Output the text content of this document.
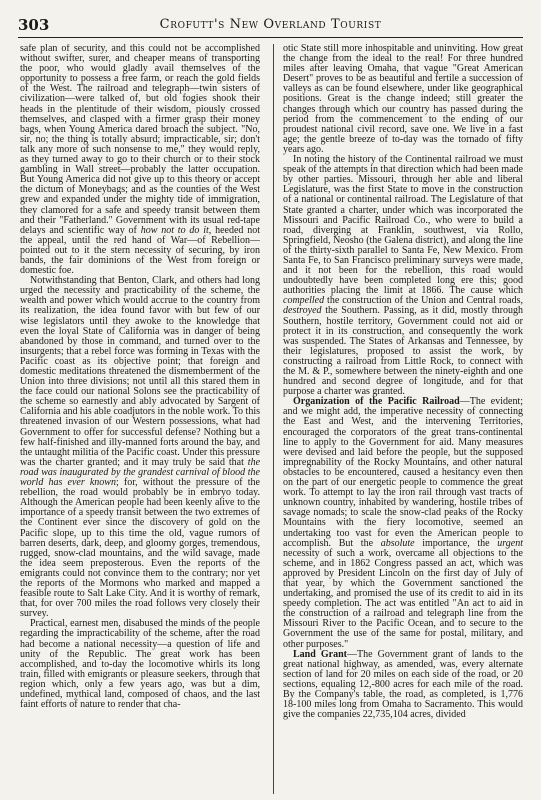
303	Crofutt's New Overland Tourist

safe plan of security, and this could not be accomplished without swifter, surer, and cheaper means of transporting the poor, who would gladly avail themselves of the opportunity to possess a free farm, or reach the gold fields of the West. The railroad and telegraph—twin sisters of civilization—were talked of, but old fogies shook their heads in the plentitude of their wisdom, piously crossed themselves, and clasped with a firmer grasp their money bags, when Young America dared broach the subject. "No, sir, no; the thing is totally absurd; impracticable, sir; don't talk any more of such nonsense to me," they would reply, as they turned away to go to their church or to their stock gambling in Wall street—probably the latter occupation. But Young America did not give up to this theory or accept the dictum of Moneybags; and as the counties of the West grew and expanded under the mighty tide of immigration, they clamored for a safe and speedy transit between them and their "Fatherland." Government with its usual red-tape delays and scientific way of how not to do it, heeded not the appeal, until the red hand of War—of Rebellion—pointed out to it the stern necessity of securing, by iron bands, the fair dominions of the West from foreign or domestic foe.

Notwithstanding that Benton, Clark, and others had long urged the necessity and practicability of the scheme, the wealth and power which would accrue to the country from its realization, the idea found favor with but few of our wise legislators until they awoke to the knowledge that even the loyal State of California was in danger of being abandoned by those in command, and turned over to the insurgents; that a rebel force was forming in Texas with the Pacific coast as its objective point; that foreign and domestic meditations threatened the dismemberment of the Union into three divisions; not until all this stared them in the face could our national Solons see the practicability of the scheme so earnestly and ably advocated by Sargent of California and his able coadjutors in the noble work. To this threatened invasion of our Western possessions, what had Government to offer for successful defense? Nothing but a few half-finished and illy-manned forts around the bay, and the untaught militia of the Pacific coast. Under this pressure was the charter granted; and it may truly be said that the road was inaugurated by the grandest carnival of blood the world has ever known; for, without the pressure of the rebellion, the road would probably be in embryo today. Although the American people had been keenly alive to the importance of a speedy transit between the two extremes of the Continent ever since the discovery of gold on the Pacific slope, up to this time the old, vague rumors of barren deserts, dark, deep, and gloomy gorges, tremendous, rugged, snow-clad mountains, and the wild savage, made the idea seem preposterous. Even the reports of the emigrants could not convince them to the contrary; nor yet the reports of the Mormons who marked and mapped a feasible route to Salt Lake City. And it is worthy of remark, that, for over 700 miles the road follows very closely their survey.

Practical, earnest men, disabused the minds of the people regarding the impracticability of the scheme, after the road had become a national necessity—a question of life and unity of the Republic. The great work has been accomplished, and to-day the locomotive whirls its long train, filled with emigrants or pleasure seekers, through that region which, only a few years ago, was but a dim, undefined, mythical land, composed of chaos, and the last faint efforts of nature to render that cha-

otic State still more inhospitable and uninviting. How great the change from the ideal to the real! For three hundred miles after leaving Omaha, that vague "Great American Desert" proves to be as beautiful and fertile a succession of valleys as can be found elsewhere, under like geographical positions. Great is the change indeed; still greater the changes through which our country has passed during the period from the commencement to the ending of our proudest national civil record, save one. We live in a fast age; the gentle breeze of to-day was the tornado of fifty years ago.

In noting the history of the Continental railroad we must speak of the attempts in that direction which had been made by other parties. Missouri, through her able and liberal Legislature, was the first State to move in the construction of a national or continental railroad. The Legislature of that State granted a charter, under which was incorporated the Missouri and Pacific Railroad Co., who were to build a road, diverging at Franklin, southwest, via Rollo, Springfield, Neosho (the Galena district), and along the line of the thirty-sixth parallel to Santa Fe, New Mexico. From Santa Fe, to San Francisco preliminary surveys were made, and it not been for the rebellion, this road would undoubtedly have been completed long ere this; good authorities placing the limit at 1866. The cause which compelled the construction of the Union and Central roads, destroyed the Southern. Passing, as it did, mostly through Southern, hostile territory, Government could not aid or protect it in its construction, and consequently the work was suspended. The States of Arkansas and Tennessee, by their legislatures, proposed to assist the work, by constructing a railroad from Little Rock, to connect with the M. & P., somewhere between the ninety-eighth and one hundred and second degree of longitude, and for that purpose a charter was granted.

Organization of the Pacific Railroad—The evident; and we might add, the imperative necessity of connecting the East and West, and the intervening Territories, encouraged the corporators of the great trans-continental line to apply to the Government for aid. Many measures were devised and laid before the people, but the supposed impregnability of the Rocky Mountains, and other natural obstacles to be encountered, caused a hesitancy even then on the part of our energetic people to commence the great work. To attempt to lay the iron rail through vast tracts of unknown country, inhabited by wandering, hostile tribes of savage nomads; to scale the snow-clad peaks of the Rocky Mountains with the fiery locomotive, seemed an undertaking too vast for even the American people to accomplish. But the absolute importance, the urgent necessity of such a work, overcame all objections to the scheme, and in 1862 Congress passed an act, which was approved by President Lincoln on the first day of July of that year, by which the Government sanctioned the undertaking, and promised the use of its credit to aid in its speedy completion. The act was entitled "An act to aid in the construction of a railroad and telegraph line from the Missouri River to the Pacific Ocean, and to secure to the Government the use of the same for postal, military, and other purposes."

Land Grant—The Government grant of lands to the great national highway, as amended, was, every alternate section of land for 20 miles on each side of the road, or 20 sections, equaling 12,-800 acres for each mile of the road. By the Company's table, the road, as completed, is 1,776 18-100 miles long from Omaha to Sacramento. This would give the companies 22,735,104 acres, divided
